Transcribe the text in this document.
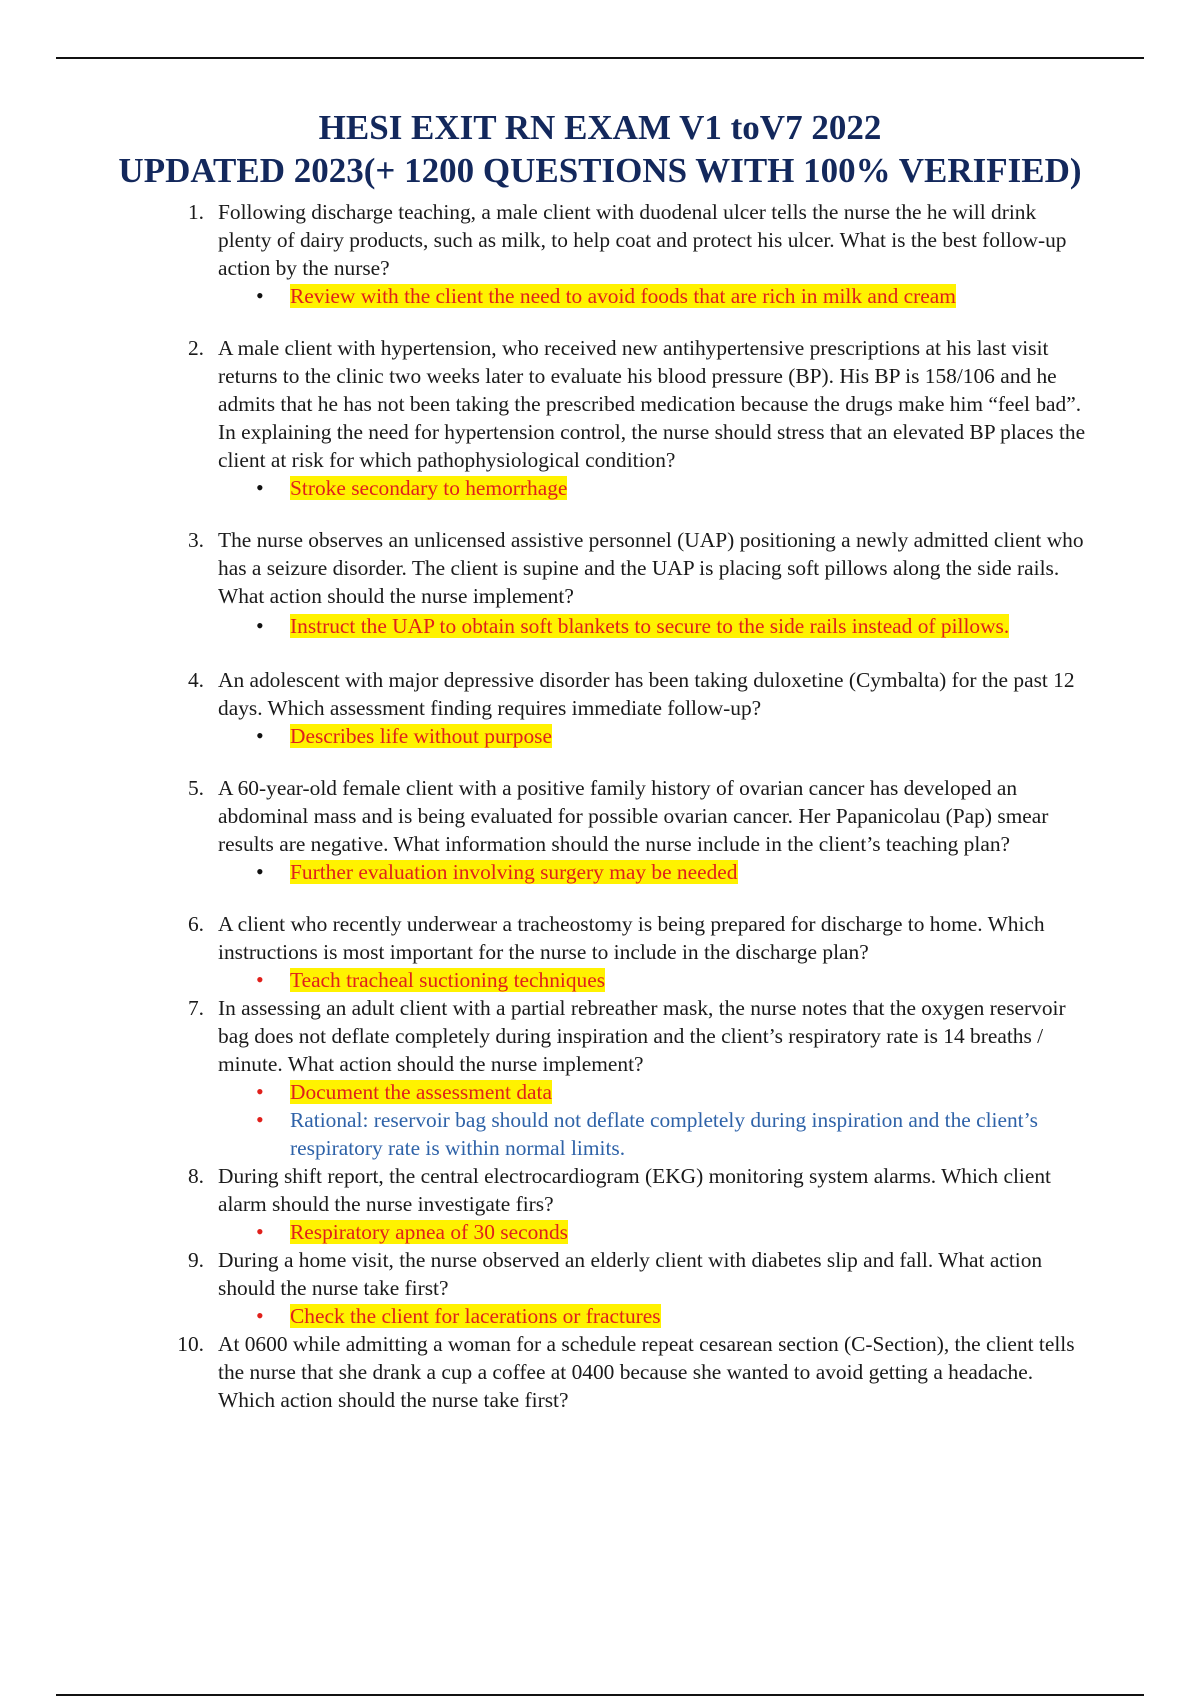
HESI EXIT RN EXAM V1 toV7 2022
UPDATED 2023(+ 1200 QUESTIONS WITH 100% VERIFIED)
1. Following discharge teaching, a male client with duodenal ulcer tells the nurse the he will drink plenty of dairy products, such as milk, to help coat and protect his ulcer. What is the best follow-up action by the nurse?
• Review with the client the need to avoid foods that are rich in milk and cream
2. A male client with hypertension, who received new antihypertensive prescriptions at his last visit returns to the clinic two weeks later to evaluate his blood pressure (BP). His BP is 158/106 and he admits that he has not been taking the prescribed medication because the drugs make him “feel bad”. In explaining the need for hypertension control, the nurse should stress that an elevated BP places the client at risk for which pathophysiological condition?
• Stroke secondary to hemorrhage
3. The nurse observes an unlicensed assistive personnel (UAP) positioning a newly admitted client who has a seizure disorder. The client is supine and the UAP is placing soft pillows along the side rails. What action should the nurse implement?
• Instruct the UAP to obtain soft blankets to secure to the side rails instead of pillows.
4. An adolescent with major depressive disorder has been taking duloxetine (Cymbalta) for the past 12 days. Which assessment finding requires immediate follow-up?
• Describes life without purpose
5. A 60-year-old female client with a positive family history of ovarian cancer has developed an abdominal mass and is being evaluated for possible ovarian cancer. Her Papanicolau (Pap) smear results are negative. What information should the nurse include in the client’s teaching plan?
• Further evaluation involving surgery may be needed
6. A client who recently underwear a tracheostomy is being prepared for discharge to home. Which instructions is most important for the nurse to include in the discharge plan?
• Teach tracheal suctioning techniques
7. In assessing an adult client with a partial rebreather mask, the nurse notes that the oxygen reservoir bag does not deflate completely during inspiration and the client’s respiratory rate is 14 breaths / minute. What action should the nurse implement?
• Document the assessment data
• Rational: reservoir bag should not deflate completely during inspiration and the client’s respiratory rate is within normal limits.
8. During shift report, the central electrocardiogram (EKG) monitoring system alarms. Which client alarm should the nurse investigate firs?
• Respiratory apnea of 30 seconds
9. During a home visit, the nurse observed an elderly client with diabetes slip and fall. What action should the nurse take first?
• Check the client for lacerations or fractures
10. At 0600 while admitting a woman for a schedule repeat cesarean section (C-Section), the client tells the nurse that she drank a cup a coffee at 0400 because she wanted to avoid getting a headache. Which action should the nurse take first?
